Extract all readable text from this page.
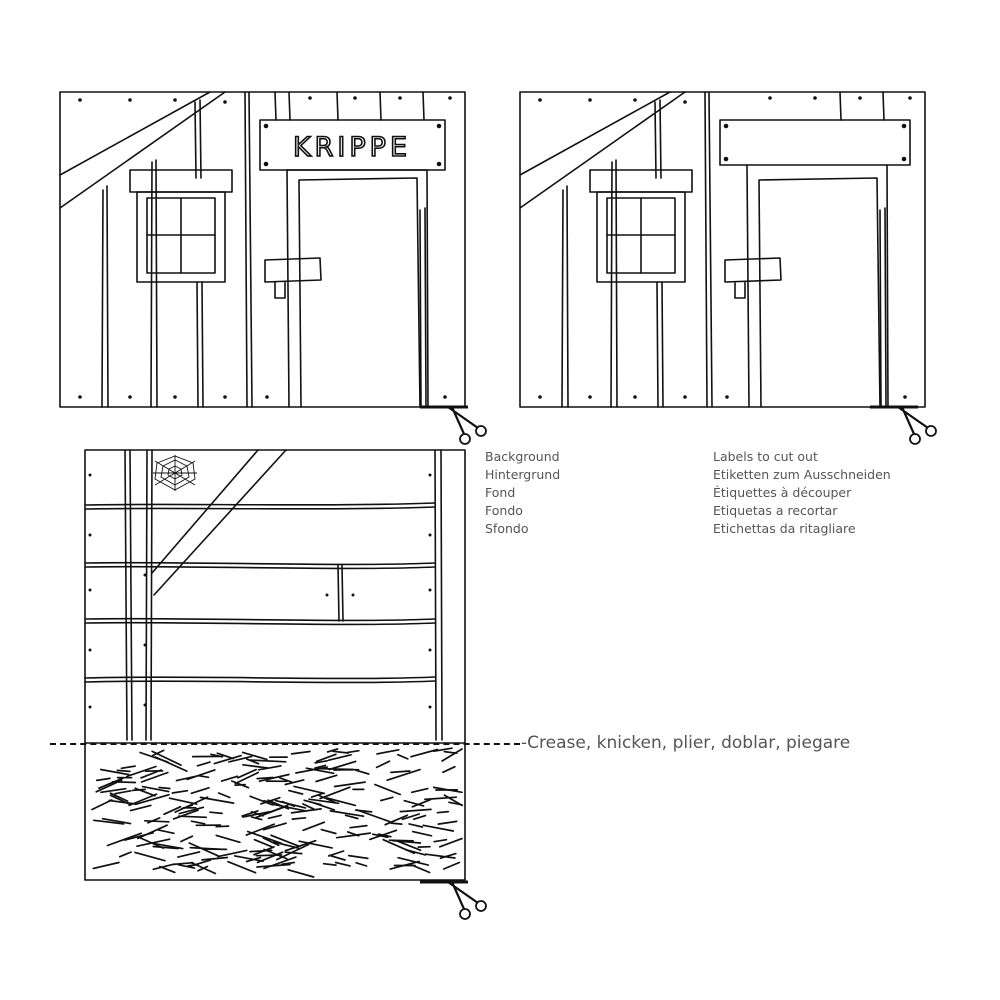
KRIPPE
-Crease, knicken, plier, doblar, piegare
Background
Hintergrund
Fond
Fondo
Sfondo
Labels to cut out
Etiketten zum Ausschneiden
Étiquettes à découper
Etiquetas a recortar
Etichettas da ritagliare
